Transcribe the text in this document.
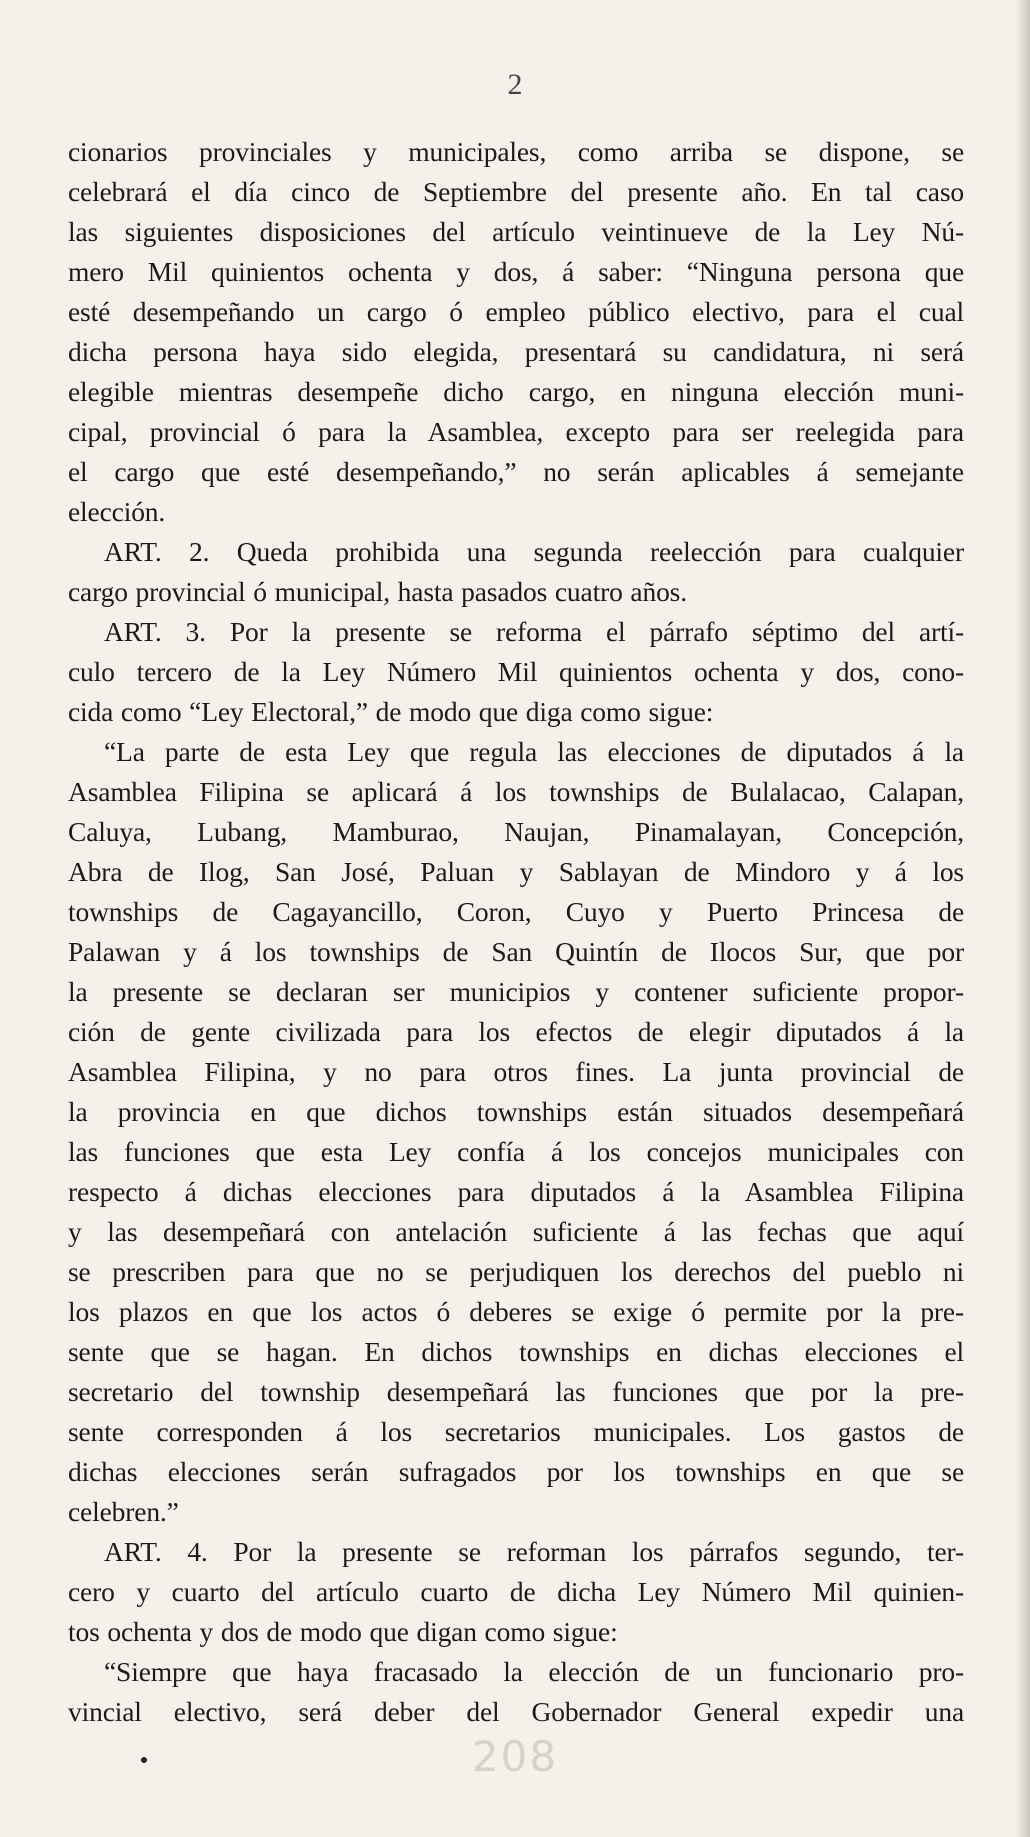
2
cionarios provinciales y municipales, como arriba se dispone, se
celebrará el día cinco de Septiembre del presente año. En tal caso
las siguientes disposiciones del artículo veintinueve de la Ley Nú-
mero Mil quinientos ochenta y dos, á saber: “Ninguna persona que
esté desempeñando un cargo ó empleo público electivo, para el cual
dicha persona haya sido elegida, presentará su candidatura, ni será
elegible mientras desempeñe dicho cargo, en ninguna elección muni-
cipal, provincial ó para la Asamblea, excepto para ser reelegida para
el cargo que esté desempeñando,” no serán aplicables á semejante
elección.
ART. 2. Queda prohibida una segunda reelección para cualquier
cargo provincial ó municipal, hasta pasados cuatro años.
ART. 3. Por la presente se reforma el párrafo séptimo del artí-
culo tercero de la Ley Número Mil quinientos ochenta y dos, cono-
cida como “Ley Electoral,” de modo que diga como sigue:
“La parte de esta Ley que regula las elecciones de diputados á la
Asamblea Filipina se aplicará á los townships de Bulalacao, Calapan,
Caluya, Lubang, Mamburao, Naujan, Pinamalayan, Concepción,
Abra de Ilog, San José, Paluan y Sablayan de Mindoro y á los
townships de Cagayancillo, Coron, Cuyo y Puerto Princesa de
Palawan y á los townships de San Quintín de Ilocos Sur, que por
la presente se declaran ser municipios y contener suficiente propor-
ción de gente civilizada para los efectos de elegir diputados á la
Asamblea Filipina, y no para otros fines. La junta provincial de
la provincia en que dichos townships están situados desempeñará
las funciones que esta Ley confía á los concejos municipales con
respecto á dichas elecciones para diputados á la Asamblea Filipina
y las desempeñará con antelación suficiente á las fechas que aquí
se prescriben para que no se perjudiquen los derechos del pueblo ni
los plazos en que los actos ó deberes se exige ó permite por la pre-
sente que se hagan. En dichos townships en dichas elecciones el
secretario del township desempeñará las funciones que por la pre-
sente corresponden á los secretarios municipales. Los gastos de
dichas elecciones serán sufragados por los townships en que se
celebren.”
ART. 4. Por la presente se reforman los párrafos segundo, ter-
cero y cuarto del artículo cuarto de dicha Ley Número Mil quinien-
tos ochenta y dos de modo que digan como sigue:
“Siempre que haya fracasado la elección de un funcionario pro-
vincial electivo, será deber del Gobernador General expedir una
208
